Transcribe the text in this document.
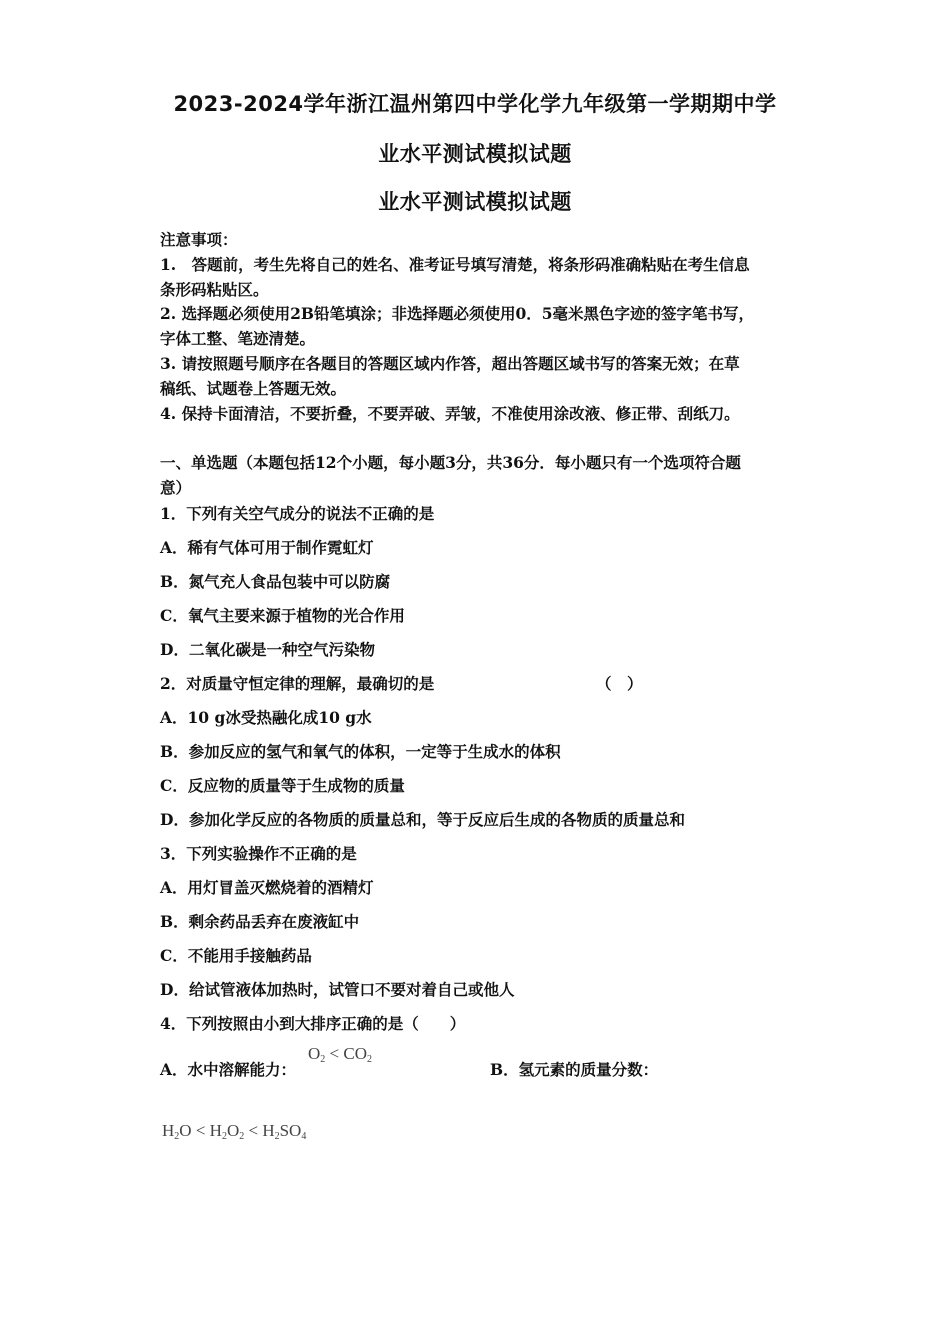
2023-2024学年浙江温州第四中学化学九年级第一学期期中学
业水平测试模拟试题
业水平测试模拟试题
注意事项：
1.　答题前，考生先将自己的姓名、准考证号填写清楚，将条形码准确粘贴在考生信息
条形码粘贴区。
2. 选择题必须使用2B铅笔填涂；非选择题必须使用0．5毫米黑色字迹的签字笔书写，
字体工整、笔迹清楚。
3. 请按照题号顺序在各题目的答题区域内作答，超出答题区域书写的答案无效；在草
稿纸、试题卷上答题无效。
4. 保持卡面清洁，不要折叠，不要弄破、弄皱，不准使用涂改液、修正带、刮纸刀。
一、单选题（本题包括12个小题，每小题3分，共36分．每小题只有一个选项符合题
意）
1．下列有关空气成分的说法不正确的是
A．稀有气体可用于制作霓虹灯
B．氮气充人食品包装中可以防腐
C．氧气主要来源于植物的光合作用
D．二氧化碳是一种空气污染物
2．对质量守恒定律的理解，最确切的是	（　）
A．10 g冰受热融化成10 g水
B．参加反应的氢气和氧气的体积，一定等于生成水的体积
C．反应物的质量等于生成物的质量
D．参加化学反应的各物质的质量总和，等于反应后生成的各物质的质量总和
3．下列实验操作不正确的是
A．用灯冒盖灭燃烧着的酒精灯
B．剩余药品丢弃在废液缸中
C．不能用手接触药品
D．给试管液体加热时，试管口不要对着自己或他人
4．下列按照由小到大排序正确的是（　　）
A．水中溶解能力：
$O_2 < CO_2$
B．氢元素的质量分数：
$H_2O < H_2O_2 < H_2SO_4$
